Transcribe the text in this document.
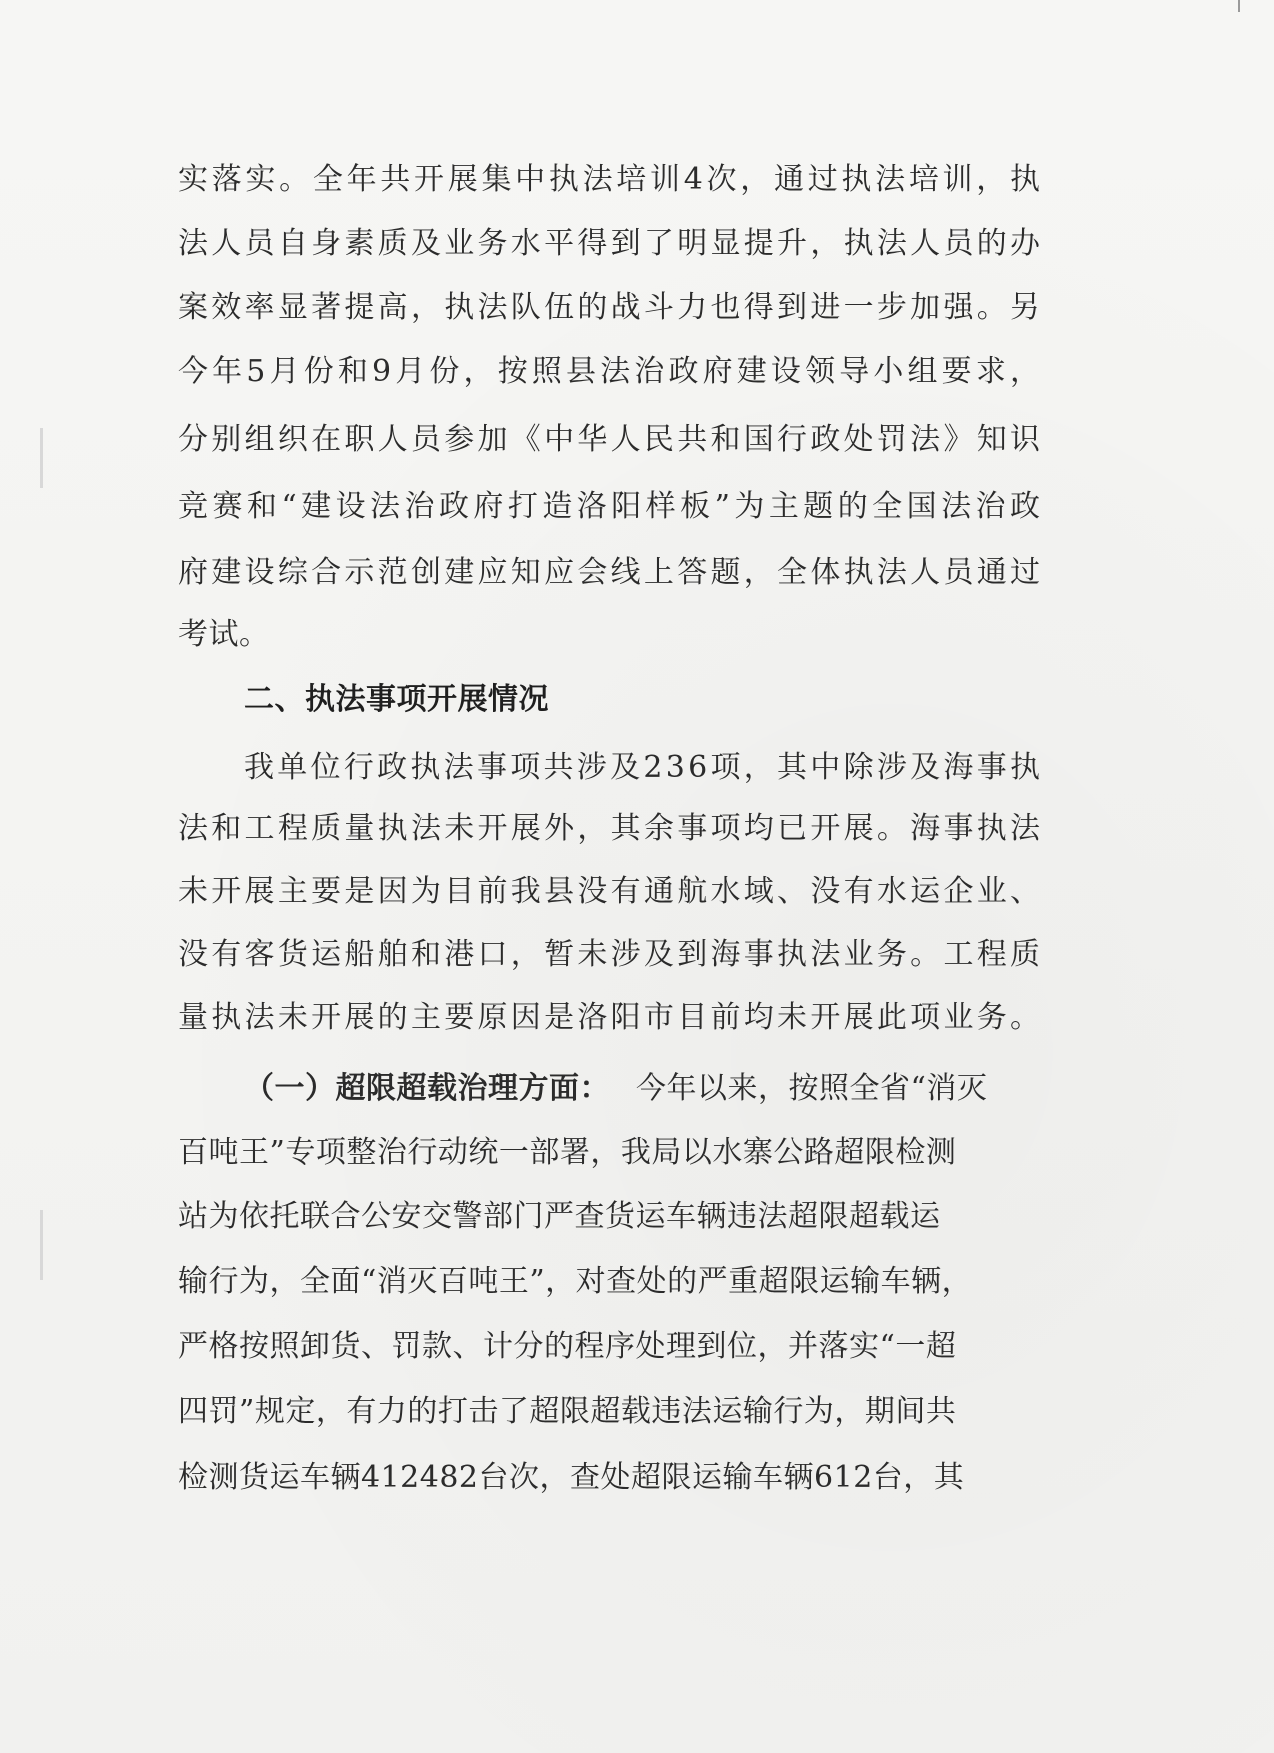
实落实。全年共开展集中执法培训4次，通过执法培训，执
法人员自身素质及业务水平得到了明显提升，执法人员的办
案效率显著提高，执法队伍的战斗力也得到进一步加强。另
今年5月份和9月份，按照县法治政府建设领导小组要求，
分别组织在职人员参加《中华人民共和国行政处罚法》知识
竞赛和“建设法治政府打造洛阳样板”为主题的全国法治政
府建设综合示范创建应知应会线上答题，全体执法人员通过
考试。
二、执法事项开展情况
我单位行政执法事项共涉及236项，其中除涉及海事执
法和工程质量执法未开展外，其余事项均已开展。海事执法
未开展主要是因为目前我县没有通航水域、没有水运企业、
没有客货运船舶和港口，暂未涉及到海事执法业务。工程质
量执法未开展的主要原因是洛阳市目前均未开展此项业务。
（一）超限超载治理方面： 今年以来，按照全省“消灭
百吨王”专项整治行动统一部署，我局以水寨公路超限检测
站为依托联合公安交警部门严查货运车辆违法超限超载运
输行为，全面“消灭百吨王”，对查处的严重超限运输车辆，
严格按照卸货、罚款、计分的程序处理到位，并落实“一超
四罚”规定，有力的打击了超限超载违法运输行为，期间共
检测货运车辆412482台次，查处超限运输车辆612台，其
